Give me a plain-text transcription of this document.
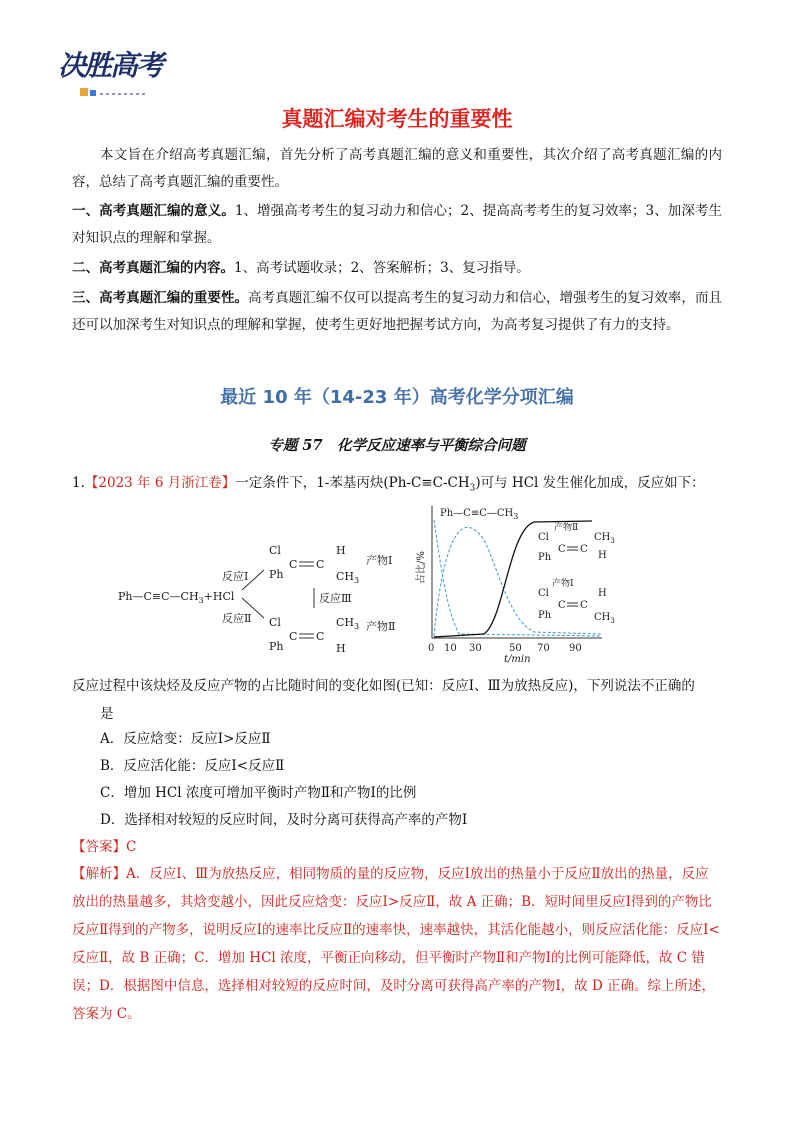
决胜高考
真题汇编对考生的重要性
本文旨在介绍高考真题汇编，首先分析了高考真题汇编的意义和重要性，其次介绍了高考真题汇编的内容，总结了高考真题汇编的重要性。
一、高考真题汇编的意义。1、增强高考考生的复习动力和信心；2、提高高考考生的复习效率；3、加深考生对知识点的理解和掌握。
二、高考真题汇编的内容。1、高考试题收录；2、答案解析；3、复习指导。
三、高考真题汇编的重要性。高考真题汇编不仅可以提高考生的复习动力和信心，增强考生的复习效率，而且还可以加深考生对知识点的理解和掌握，使考生更好地把握考试方向，为高考复习提供了有力的支持。
最近 10 年（14-23 年）高考化学分项汇编
专题 57　化学反应速率与平衡综合问题
1.【2023 年 6 月浙江卷】一定条件下，1-苯基丙炔$(Ph-C\equiv C-CH_3)$可与 HCl 发生催化加成，反应如下：
$Ph—C\equiv C—CH_3+HCl$
反应Ⅰ
反应Ⅱ
Cl
Ph
C C
H
$CH_3$
产物Ⅰ
反应Ⅲ
Cl
Ph
C C
H
$CH_3$ 产物Ⅱ
占比/%
t/min
0 10 30	50 70 90
$Ph—C\equiv C—CH_3$
Cl
Ph
C C
H
$CH_3$
产物Ⅱ
Cl
Ph
C C
H
$CH_3$
产物Ⅰ
反应过程中该炔烃及反应产物的占比随时间的变化如图(已知：反应Ⅰ、Ⅲ为放热反应)，下列说法不正确的
是
A．反应焓变：反应Ⅰ>反应Ⅱ
B．反应活化能：反应Ⅰ<反应Ⅱ
C．增加 HCl 浓度可增加平衡时产物Ⅱ和产物Ⅰ的比例
D．选择相对较短的反应时间，及时分离可获得高产率的产物Ⅰ
【答案】C
【解析】A．反应Ⅰ、Ⅲ为放热反应，相同物质的量的反应物，反应Ⅰ放出的热量小于反应Ⅱ放出的热量，反应放出的热量越多，其焓变越小，因此反应焓变：反应Ⅰ>反应Ⅱ，故 A 正确；B．短时间里反应Ⅰ得到的产物比反应Ⅱ得到的产物多，说明反应Ⅰ的速率比反应Ⅱ的速率快，速率越快，其活化能越小，则反应活化能：反应Ⅰ<反应Ⅱ，故 B 正确；C．增加 HCl 浓度，平衡正向移动，但平衡时产物Ⅱ和产物Ⅰ的比例可能降低，故 C 错误；D．根据图中信息，选择相对较短的反应时间，及时分离可获得高产率的产物Ⅰ，故 D 正确。综上所述，答案为 C。
